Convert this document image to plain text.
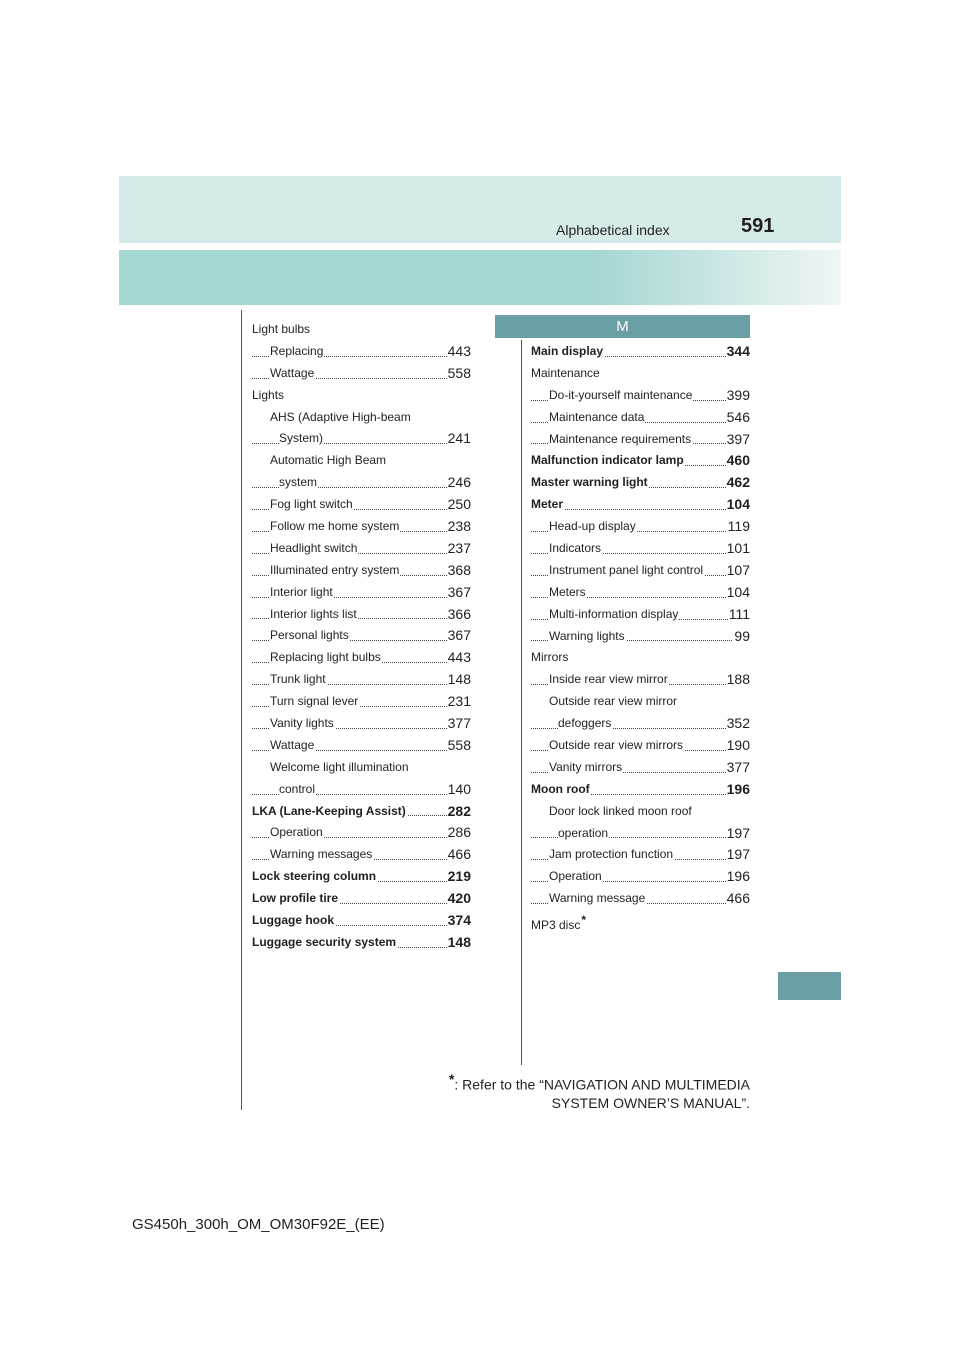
Alphabetical index	591
Light bulbs
Replacing	443
Wattage	558
Lights
AHS (Adaptive High-beam
System)	241
Automatic High Beam
system	246
Fog light switch	250
Follow me home system	238
Headlight switch	237
Illuminated entry system	368
Interior light	367
Interior lights list	366
Personal lights	367
Replacing light bulbs	443
Trunk light	148
Turn signal lever	231
Vanity lights	377
Wattage	558
Welcome light illumination
control	140
LKA (Lane-Keeping Assist)	282
Operation	286
Warning messages	466
Lock steering column	219
Low profile tire	420
Luggage hook	374
Luggage security system	148
M
Main display	344
Maintenance
Do-it-yourself maintenance 399
Maintenance data	546
Maintenance requirements	397
Malfunction indicator lamp	460
Master warning light	462
Meter	104
Head-up display	119
Indicators	101
Instrument panel light control 107
Meters	104
Multi-information display	111
Warning lights	99
Mirrors
Inside rear view mirror	188
Outside rear view mirror
defoggers	352
Outside rear view mirrors	190
Vanity mirrors	377
Moon roof	196
Door lock linked moon roof
operation	197
Jam protection function	197
Operation	196
Warning message	466
MP3 disc*
*: Refer to the “NAVIGATION AND MULTIMEDIA
SYSTEM OWNER’S MANUAL”.
GS450h_300h_OM_OM30F92E_(EE)
